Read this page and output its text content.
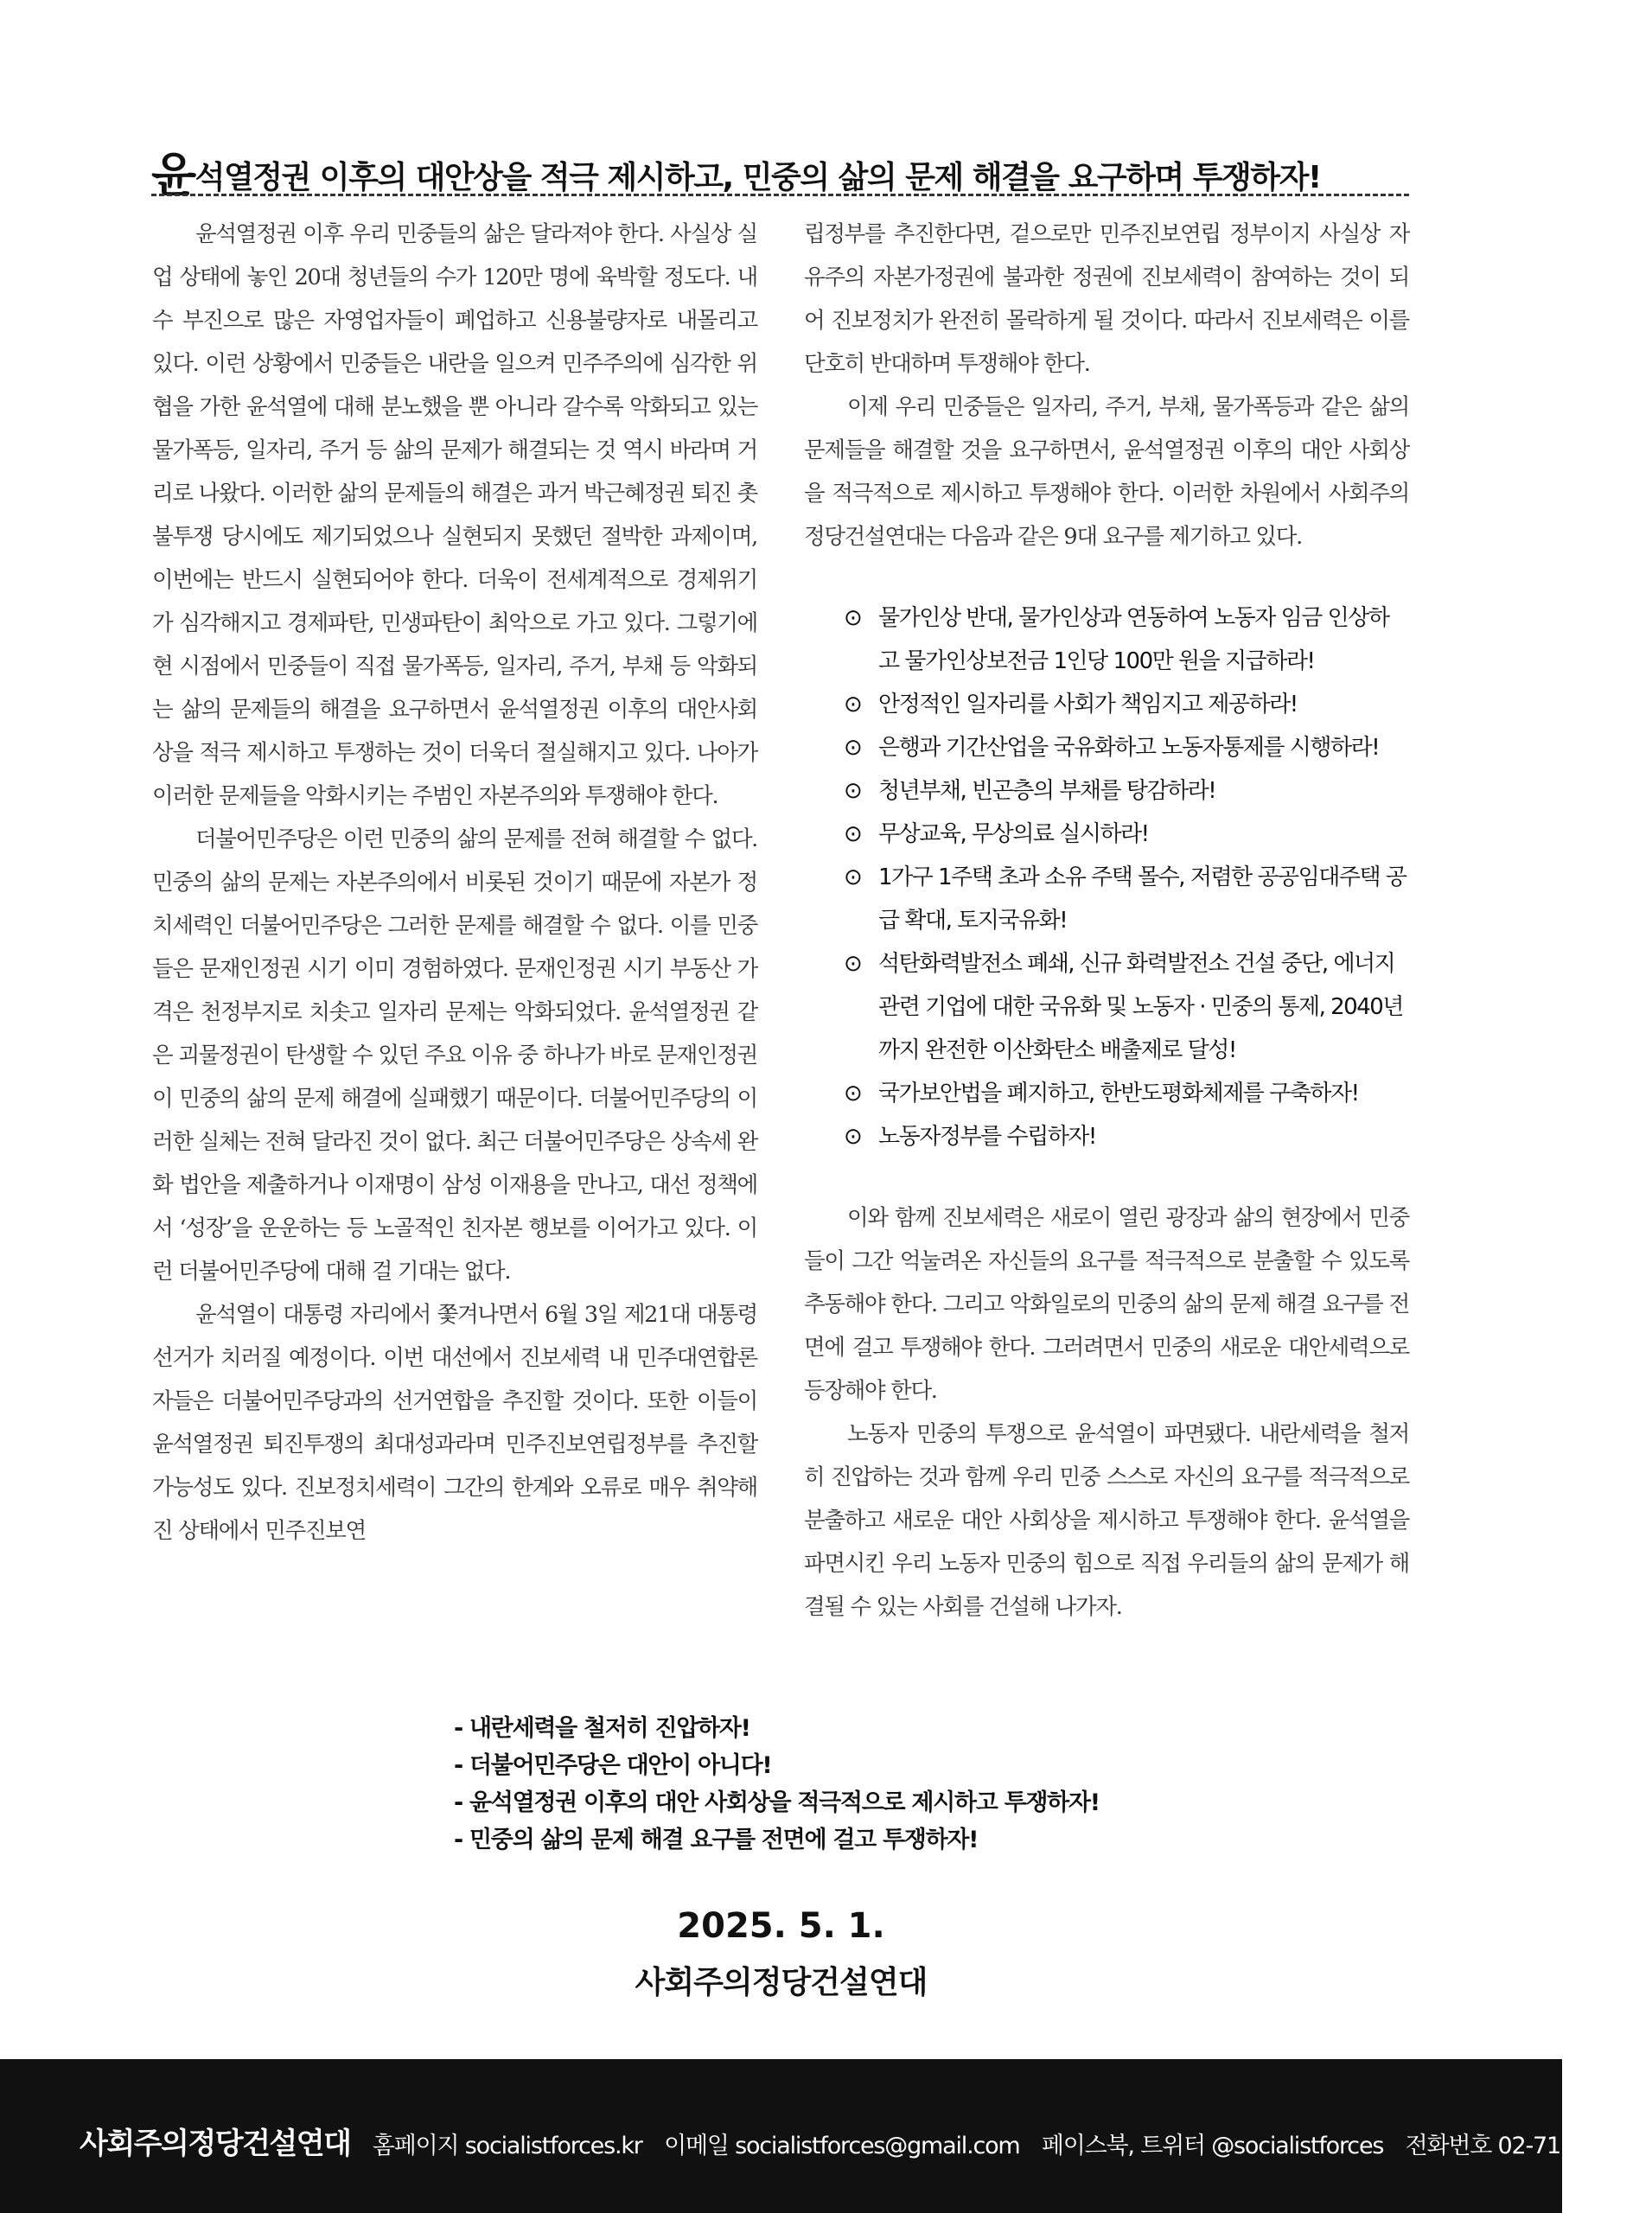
윤석열정권 이후의 대안상을 적극 제시하고, 민중의 삶의 문제 해결을 요구하며 투쟁하자!

윤석열정권 이후 우리 민중들의 삶은 달라져야 한다. 사실상 실업 상태에 놓인 20대 청년들의 수가 120만 명에 육박할 정도다. 내수 부진으로 많은 자영업자들이 폐업하고 신용불량자로 내몰리고 있다. 이런 상황에서 민중들은 내란을 일으켜 민주주의에 심각한 위협을 가한 윤석열에 대해 분노했을 뿐 아니라 갈수록 악화되고 있는 물가폭등, 일자리, 주거 등 삶의 문제가 해결되는 것 역시 바라며 거리로 나왔다. 이러한 삶의 문제들의 해결은 과거 박근혜정권 퇴진 촛불투쟁 당시에도 제기되었으나 실현되지 못했던 절박한 과제이며, 이번에는 반드시 실현되어야 한다. 더욱이 전세계적으로 경제위기가 심각해지고 경제파탄, 민생파탄이 최악으로 가고 있다. 그렇기에 현 시점에서 민중들이 직접 물가폭등, 일자리, 주거, 부채 등 악화되는 삶의 문제들의 해결을 요구하면서 윤석열정권 이후의 대안사회상을 적극 제시하고 투쟁하는 것이 더욱더 절실해지고 있다. 나아가 이러한 문제들을 악화시키는 주범인 자본주의와 투쟁해야 한다.

더불어민주당은 이런 민중의 삶의 문제를 전혀 해결할 수 없다. 민중의 삶의 문제는 자본주의에서 비롯된 것이기 때문에 자본가 정치세력인 더불어민주당은 그러한 문제를 해결할 수 없다. 이를 민중들은 문재인정권 시기 이미 경험하였다. 문재인정권 시기 부동산 가격은 천정부지로 치솟고 일자리 문제는 악화되었다. 윤석열정권 같은 괴물정권이 탄생할 수 있던 주요 이유 중 하나가 바로 문재인정권이 민중의 삶의 문제 해결에 실패했기 때문이다. 더불어민주당의 이러한 실체는 전혀 달라진 것이 없다. 최근 더불어민주당은 상속세 완화 법안을 제출하거나 이재명이 삼성 이재용을 만나고, 대선 정책에서 ‘성장’을 운운하는 등 노골적인 친자본 행보를 이어가고 있다. 이런 더불어민주당에 대해 걸 기대는 없다.

윤석열이 대통령 자리에서 쫓겨나면서 6월 3일 제21대 대통령 선거가 치러질 예정이다. 이번 대선에서 진보세력 내 민주대연합론자들은 더불어민주당과의 선거연합을 추진할 것이다. 또한 이들이 윤석열정권 퇴진투쟁의 최대성과라며 민주진보연립정부를 추진할 가능성도 있다. 진보정치세력이 그간의 한계와 오류로 매우 취약해진 상태에서 민주진보연

립정부를 추진한다면, 겉으로만 민주진보연립 정부이지 사실상 자유주의 자본가정권에 불과한 정권에 진보세력이 참여하는 것이 되어 진보정치가 완전히 몰락하게 될 것이다. 따라서 진보세력은 이를 단호히 반대하며 투쟁해야 한다.

이제 우리 민중들은 일자리, 주거, 부채, 물가폭등과 같은 삶의 문제들을 해결할 것을 요구하면서, 윤석열정권 이후의 대안 사회상을 적극적으로 제시하고 투쟁해야 한다. 이러한 차원에서 사회주의정당건설연대는 다음과 같은 9대 요구를 제기하고 있다.

⊙ 물가인상 반대, 물가인상과 연동하여 노동자 임금 인상하고 물가인상보전금 1인당 100만 원을 지급하라!
⊙ 안정적인 일자리를 사회가 책임지고 제공하라!
⊙ 은행과 기간산업을 국유화하고 노동자통제를 시행하라!
⊙ 청년부채, 빈곤층의 부채를 탕감하라!
⊙ 무상교육, 무상의료 실시하라!
⊙ 1가구 1주택 초과 소유 주택 몰수, 저렴한 공공임대주택 공급 확대, 토지국유화!
⊙ 석탄화력발전소 폐쇄, 신규 화력발전소 건설 중단, 에너지 관련 기업에 대한 국유화 및 노동자 · 민중의 통제, 2040년까지 완전한 이산화탄소 배출제로 달성!
⊙ 국가보안법을 폐지하고, 한반도평화체제를 구축하자!
⊙ 노동자정부를 수립하자!

이와 함께 진보세력은 새로이 열린 광장과 삶의 현장에서 민중들이 그간 억눌려온 자신들의 요구를 적극적으로 분출할 수 있도록 추동해야 한다. 그리고 악화일로의 민중의 삶의 문제 해결 요구를 전면에 걸고 투쟁해야 한다. 그러려면서 민중의 새로운 대안세력으로 등장해야 한다.

노동자 민중의 투쟁으로 윤석열이 파면됐다. 내란세력을 철저히 진압하는 것과 함께 우리 민중 스스로 자신의 요구를 적극적으로 분출하고 새로운 대안 사회상을 제시하고 투쟁해야 한다. 윤석열을 파면시킨 우리 노동자 민중의 힘으로 직접 우리들의 삶의 문제가 해결될 수 있는 사회를 건설해 나가자.

- 내란세력을 철저히 진압하자!
- 더불어민주당은 대안이 아니다!
- 윤석열정권 이후의 대안 사회상을 적극적으로 제시하고 투쟁하자!
- 민중의 삶의 문제 해결 요구를 전면에 걸고 투쟁하자!
2025. 5. 1.
사회주의정당건설연대
사회주의정당건설연대 홈페이지 socialistforces.kr 이메일 socialistforces@gmail.com 페이스북, 트위터 @socialistforces 전화번호 02-717-1917
